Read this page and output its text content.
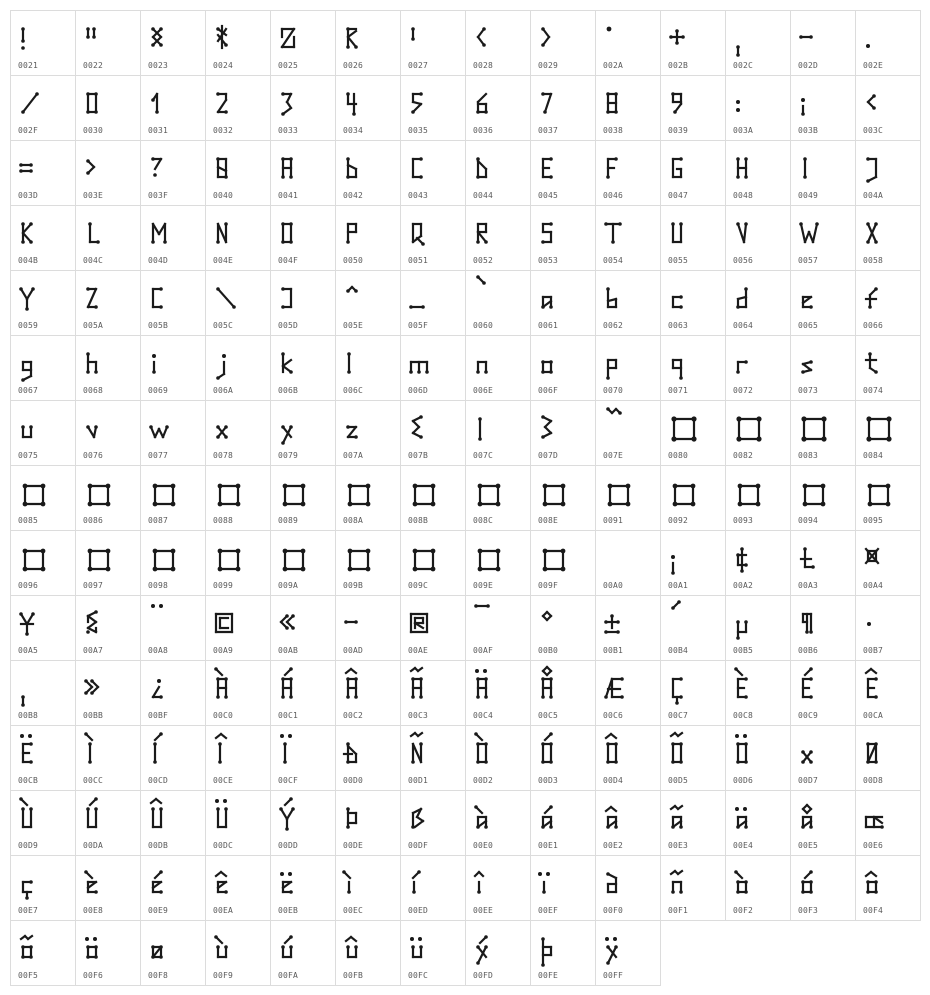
0021	0022	0023	0024	0025	0026	0027	0028	0029	002A	002B	002C	002D	002E
002F	0030	0031	0032	0033	0034	0035	0036	0037	0038	0039	003A	003B	003C
003D	003E	003F	0040	0041	0042	0043	0044	0045	0046	0047	0048	0049	004A
004B	004C	004D	004E	004F	0050	0051	0052	0053	0054	0055	0056	0057	0058
0059	005A	005B	005C	005D	005E	005F	0060	0061	0062	0063	0064	0065	0066
0067	0068	0069	006A	006B	006C	006D	006E	006F	0070	0071	0072	0073	0074
0075	0076	0077	0078	0079	007A	007B	007C	007D	007E	0080	0082	0083	0084
0085	0086	0087	0088	0089	008A	008B	008C	008E	0091	0092	0093	0094	0095
0096	0097	0098	0099	009A	009B	009C	009E	009F	00A0	00A1	00A2	00A3	00A4
00A5	00A7	00A8	00A9	00AB	00AD	00AE	00AF	00B0	00B1	00B4	00B5	00B6	00B7
00B8	00BB	00BF	00C0	00C1	00C2	00C3	00C4	00C5	00C6	00C7	00C8	00C9	00CA
00CB	00CC	00CD	00CE	00CF	00D0	00D1	00D2	00D3	00D4	00D5	00D6	00D7	00D8
00D9	00DA	00DB	00DC	00DD	00DE	00DF	00E0	00E1	00E2	00E3	00E4	00E5	00E6
00E7	00E8	00E9	00EA	00EB	00EC	00ED	00EE	00EF	00F0	00F1	00F2	00F3	00F4
00F5	00F6	00F8	00F9	00FA	00FB	00FC	00FD	00FE	00FF
